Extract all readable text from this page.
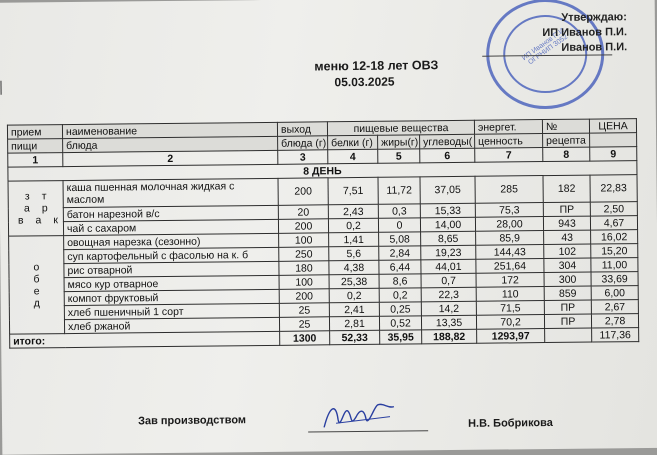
ИП Иванов П.И. ОГРНИП 3052
Утверждаю:
ИП Иванов П.И.
Иванов П.И.
меню 12-18 лет ОВЗ
05.03.2025
прием	наименование	выход	пищевые вещества			энергет.	№	ЦЕНА
пищи	блюда	блюда (г)	белки (г)	жиры(г)	углеводы(	ценность	рецепта	
1	2	3	4	5	6	7	8	9
8 ДЕНЬ								
з т
а р
в а к	каша пшенная молочная жидкая с маслом	200	7,51	11,72	37,05	285	182	22,83
	батон нарезной в/с	20	2,43	0,3	15,33	75,3	ПР	2,50
	чай с сахаром	200	0,2	0	14,00	28,00	943	4,67
о
б
е
д	овощная нарезка (сезонно)	100	1,41	5,08	8,65	85,9	43	16,02
	суп картофельный с фасолью на к. б	250	5,6	2,84	19,23	144,43	102	15,20
	рис отварной	180	4,38	6,44	44,01	251,64	304	11,00
	мясо кур отварное	100	25,38	8,6	0,7	172	300	33,69
	компот фруктовый	200	0,2	0,2	22,3	110	859	6,00
	хлеб пшеничный 1 сорт	25	2,41	0,25	14,2	71,5	ПР	2,67
	хлеб ржаной	25	2,81	0,52	13,35	70,2	ПР	2,78
итого:		1300	52,33	35,95	188,82	1293,97		117,36
Зав производством	Н.В. Бобрикова
